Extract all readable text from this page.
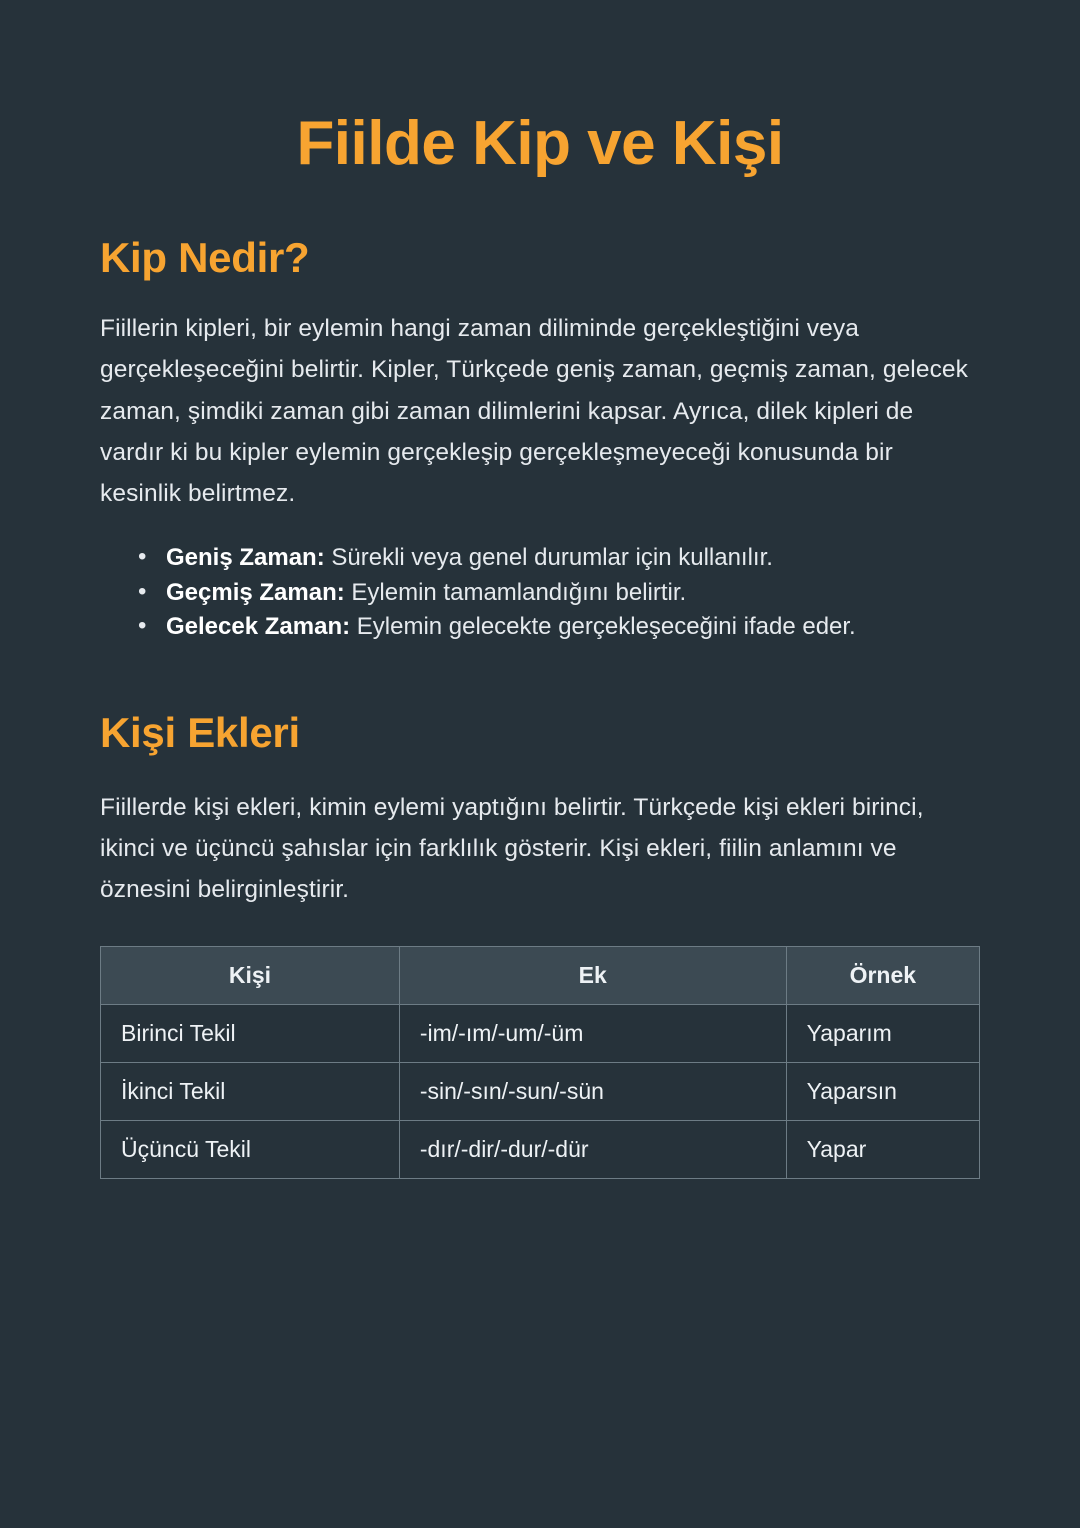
Fiilde Kip ve Kişi
Kip Nedir?

Fiillerin kipleri, bir eylemin hangi zaman diliminde gerçekleştiğini veya gerçekleşeceğini belirtir. Kipler, Türkçede geniş zaman, geçmiş zaman, gelecek zaman, şimdiki zaman gibi zaman dilimlerini kapsar. Ayrıca, dilek kipleri de vardır ki bu kipler eylemin gerçekleşip gerçekleşmeyeceği konusunda bir kesinlik belirtmez.

• Geniş Zaman: Sürekli veya genel durumlar için kullanılır.
• Geçmiş Zaman: Eylemin tamamlandığını belirtir.
• Gelecek Zaman: Eylemin gelecekte gerçekleşeceğini ifade eder.
Kişi Ekleri

Fiillerde kişi ekleri, kimin eylemi yaptığını belirtir. Türkçede kişi ekleri birinci, ikinci ve üçüncü şahıslar için farklılık gösterir. Kişi ekleri, fiilin anlamını ve öznesini belirginleştirir.

Kişi	Ek	Örnek
Birinci Tekil	-im/-ım/-um/-üm	Yaparım
İkinci Tekil	-sin/-sın/-sun/-sün	Yaparsın
Üçüncü Tekil	-dır/-dir/-dur/-dür	Yapar
